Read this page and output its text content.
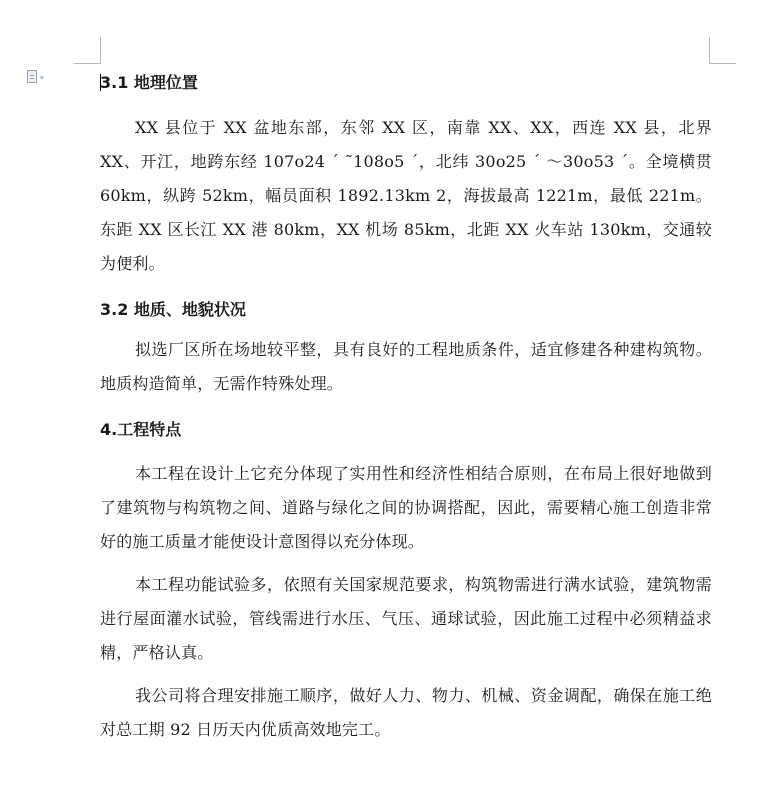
▾	3.1 地理位置

XX 县位于 XX 盆地东部，东邻 XX 区，南靠 XX、XX，西连 XX 县，北界 XX、开江，地跨东经 107o24 ´ ˜108o5 ´，北纬 30o25 ´ ～30o53 ´。全境横贯 60km，纵跨 52km，幅员面积 1892.13km 2，海拔最高 1221m，最低 221m。东距 XX 区长江 XX 港 80km，XX 机场 85km，北距 XX 火车站 130km，交通较为便利。

3.2 地质、地貌状况

拟选厂区所在场地较平整，具有良好的工程地质条件，适宜修建各种建构筑物。地质构造简单，无需作特殊处理。

4.工程特点

本工程在设计上它充分体现了实用性和经济性相结合原则，在布局上很好地做到了建筑物与构筑物之间、道路与绿化之间的协调搭配，因此，需要精心施工创造非常好的施工质量才能使设计意图得以充分体现。

本工程功能试验多，依照有关国家规范要求，构筑物需进行满水试验，建筑物需进行屋面灌水试验，管线需进行水压、气压、通球试验，因此施工过程中必须精益求精，严格认真。

我公司将合理安排施工顺序，做好人力、物力、机械、资金调配，确保在施工绝对总工期 92 日历天内优质高效地完工。
